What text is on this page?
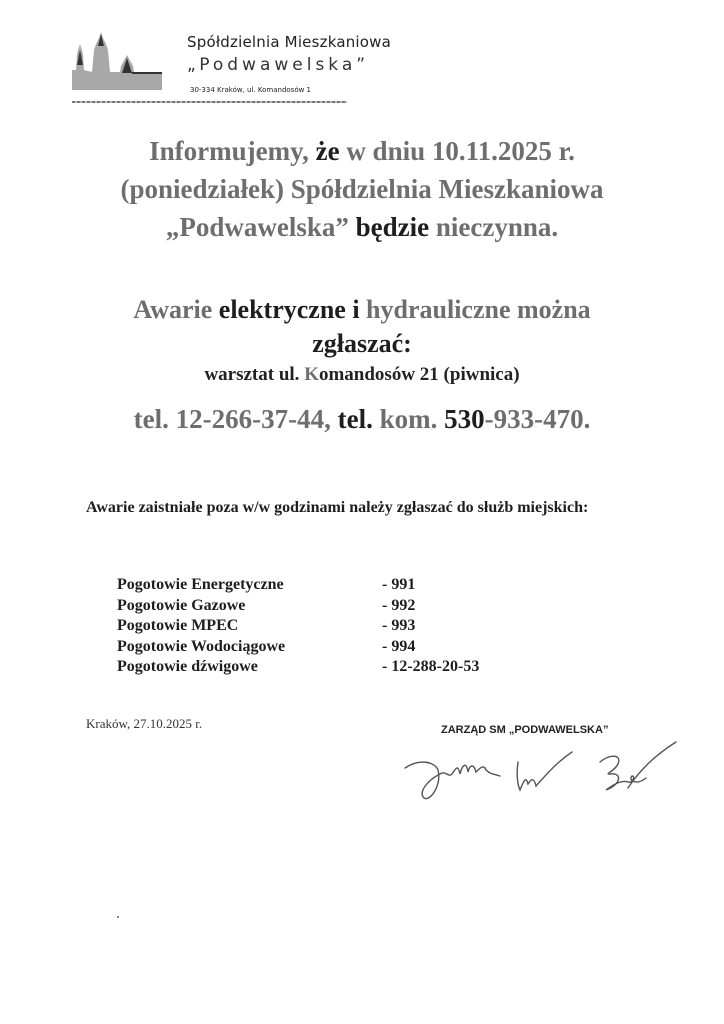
Spółdzielnia Mieszkaniowa
„Podwawelska”
30-334 Kraków, ul. Komandosów 1
Informujemy, że w dniu 10.11.2025 r.
(poniedziałek) Spółdzielnia Mieszkaniowa
„Podwawelska” będzie nieczynna.
Awarie elektryczne i hydrauliczne można
zgłaszać:
warsztat ul. Komandosów 21 (piwnica)
tel. 12-266-37-44, tel. kom. 530-933-470.
Awarie zaistniałe poza w/w godzinami należy zgłaszać do służb miejskich:
Pogotowie Energetyczne	- 991
Pogotowie Gazowe	- 992
Pogotowie MPEC	- 993
Pogotowie Wodociągowe	- 994
Pogotowie dźwigowe	- 12-288-20-53
Kraków, 27.10.2025 r.	ZARZĄD SM „PODWAWELSKA”
